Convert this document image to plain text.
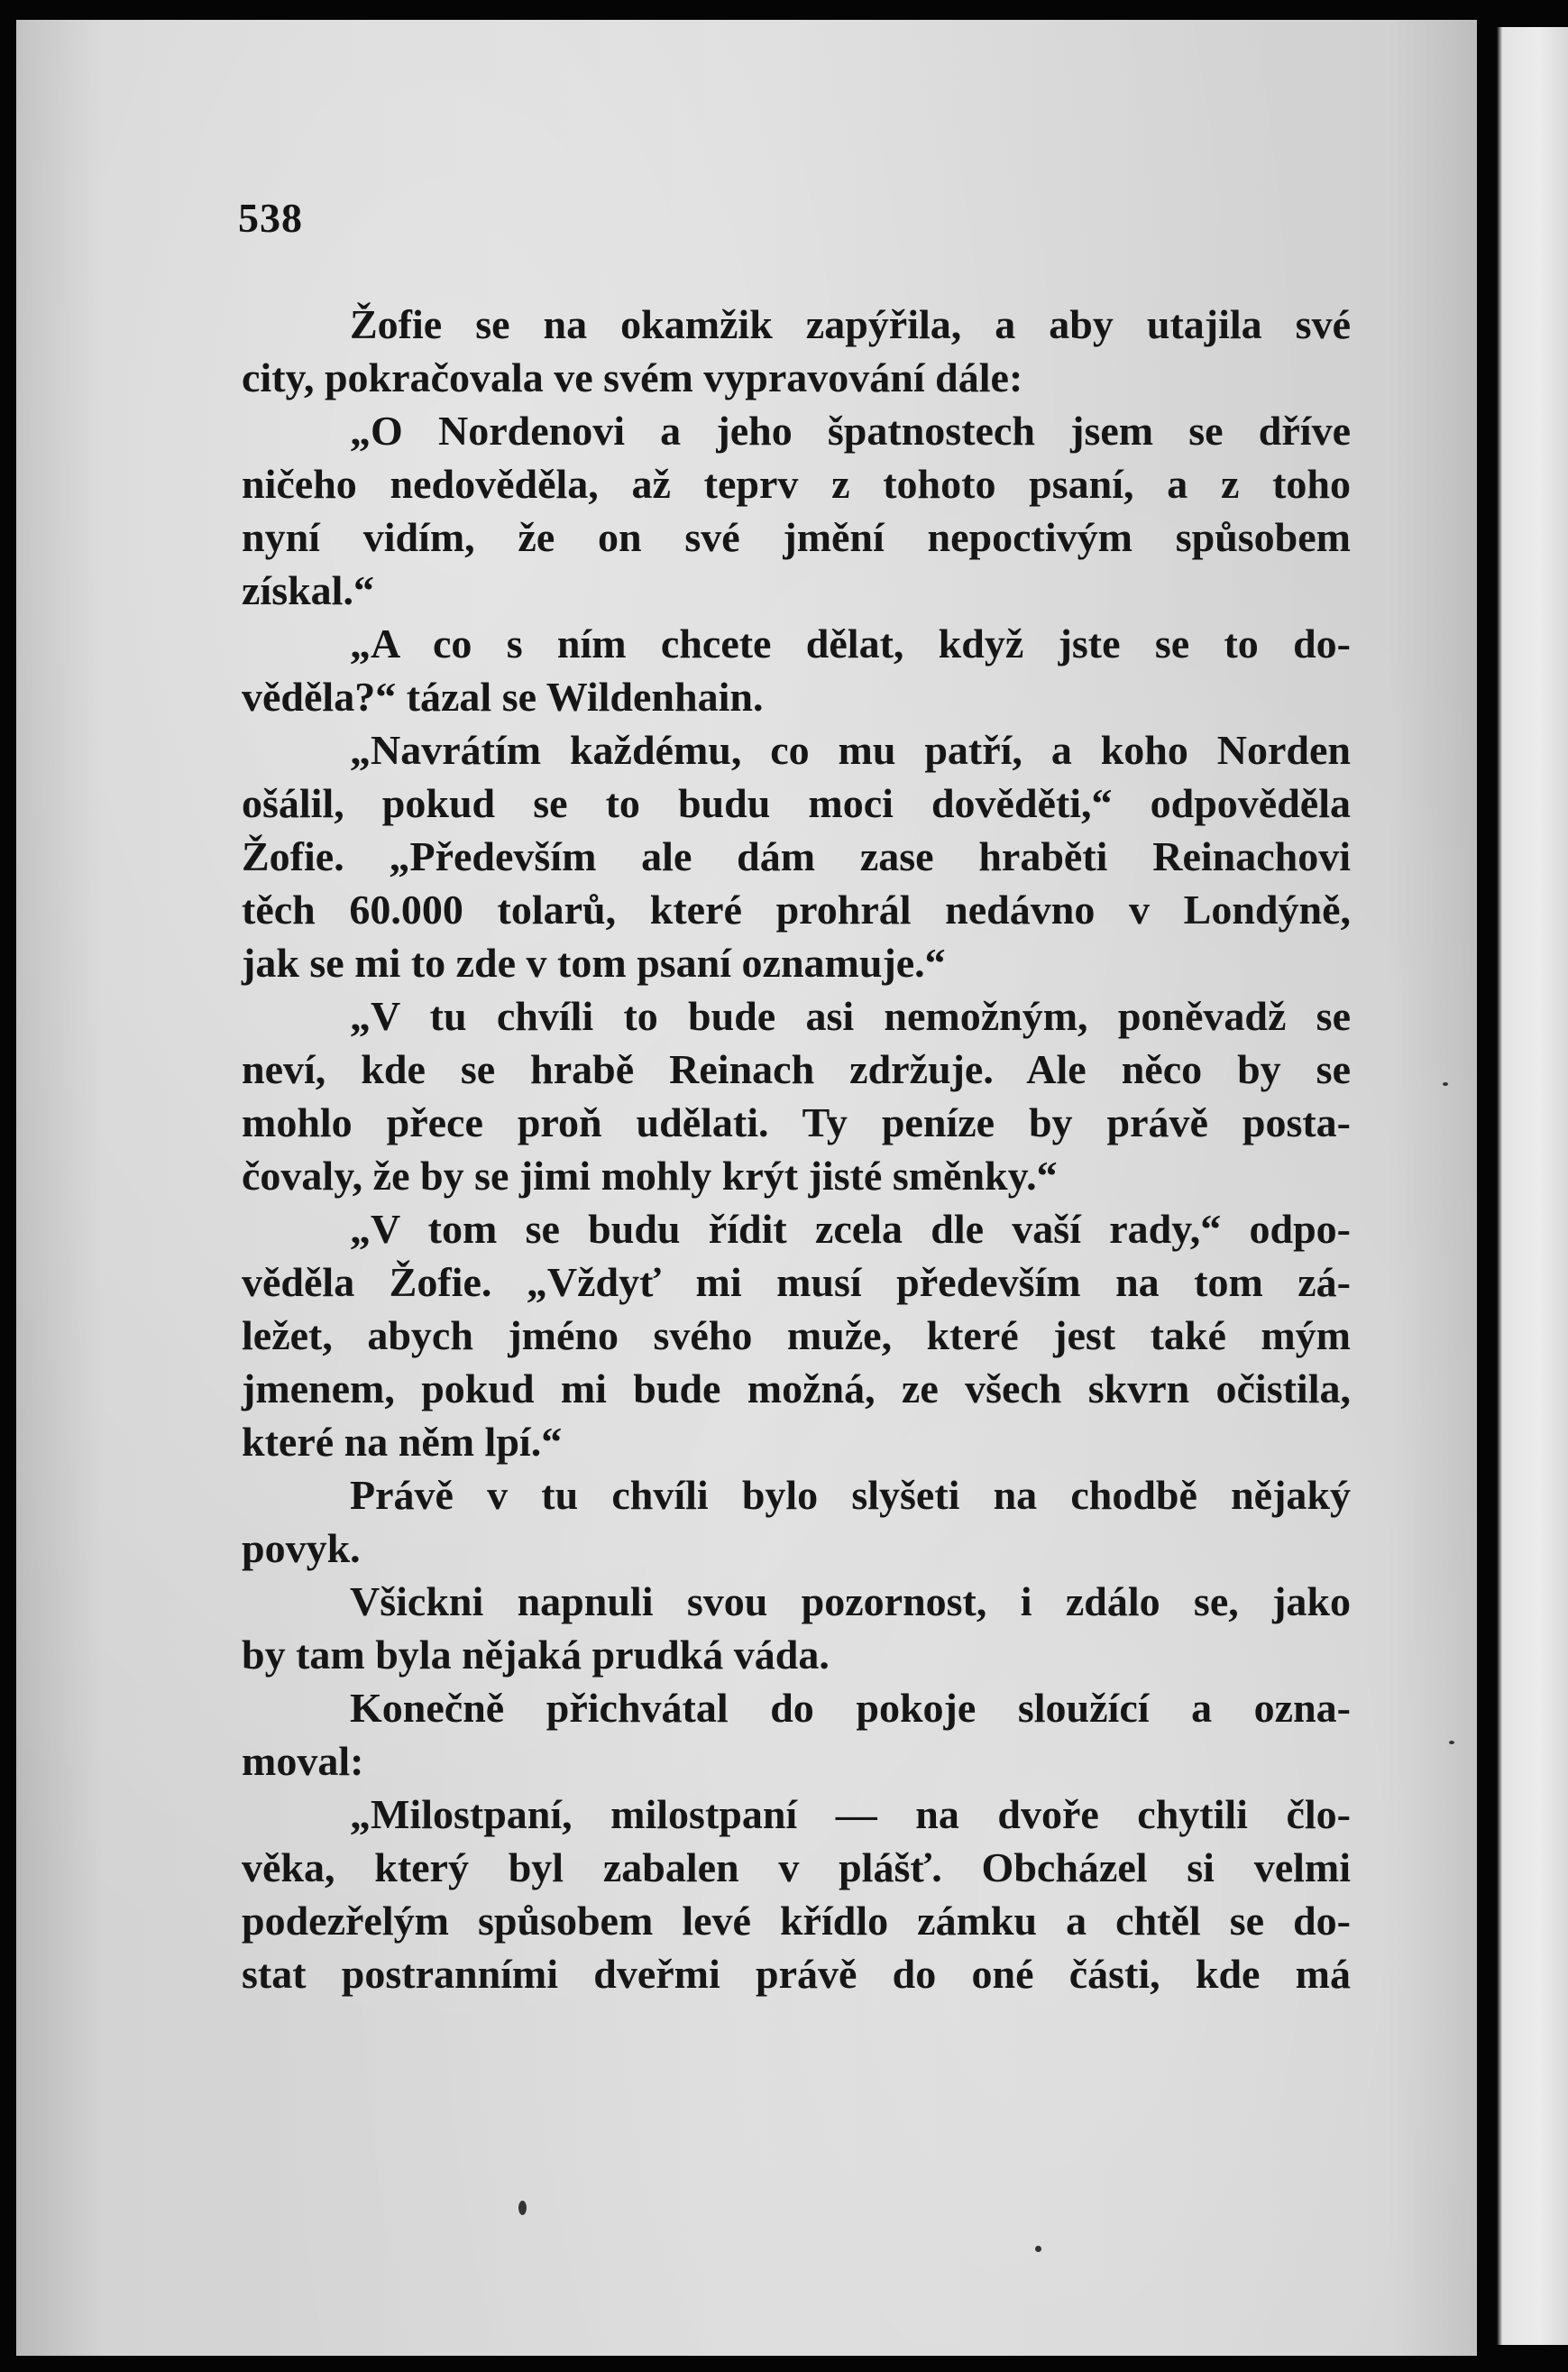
538
Žofie se na okamžik zapýřila, a aby utajila své
city, pokračovala ve svém vypravování dále:
„O Nordenovi a jeho špatnostech jsem se dříve
ničeho nedověděla, až teprv z tohoto psaní, a z toho
nyní vidím, že on své jmění nepoctivým spůsobem
získal.“
„A co s ním chcete dělat, když jste se to do-
věděla?“ tázal se Wildenhain.
„Navrátím každému, co mu patří, a koho Norden
ošálil, pokud se to budu moci dověděti,“ odpověděla
Žofie. „Především ale dám zase hraběti Reinachovi
těch 60.000 tolarů, které prohrál nedávno v Londýně,
jak se mi to zde v tom psaní oznamuje.“
„V tu chvíli to bude asi nemožným, poněvadž se
neví, kde se hrabě Reinach zdržuje. Ale něco by se
mohlo přece proň udělati. Ty peníze by právě posta-
čovaly, že by se jimi mohly krýt jisté směnky.“
„V tom se budu řídit zcela dle vaší rady,“ odpo-
věděla Žofie. „Vždyť mi musí především na tom zá-
ležet, abych jméno svého muže, které jest také mým
jmenem, pokud mi bude možná, ze všech skvrn očistila,
které na něm lpí.“
Právě v tu chvíli bylo slyšeti na chodbě nějaký
povyk.
Všickni napnuli svou pozornost, i zdálo se, jako
by tam byla nějaká prudká váda.
Konečně přichvátal do pokoje sloužící a ozna-
moval:
„Milostpaní, milostpaní — na dvoře chytili člo-
věka, který byl zabalen v plášť. Obcházel si velmi
podezřelým spůsobem levé křídlo zámku a chtěl se do-
stat postranními dveřmi právě do oné části, kde má
